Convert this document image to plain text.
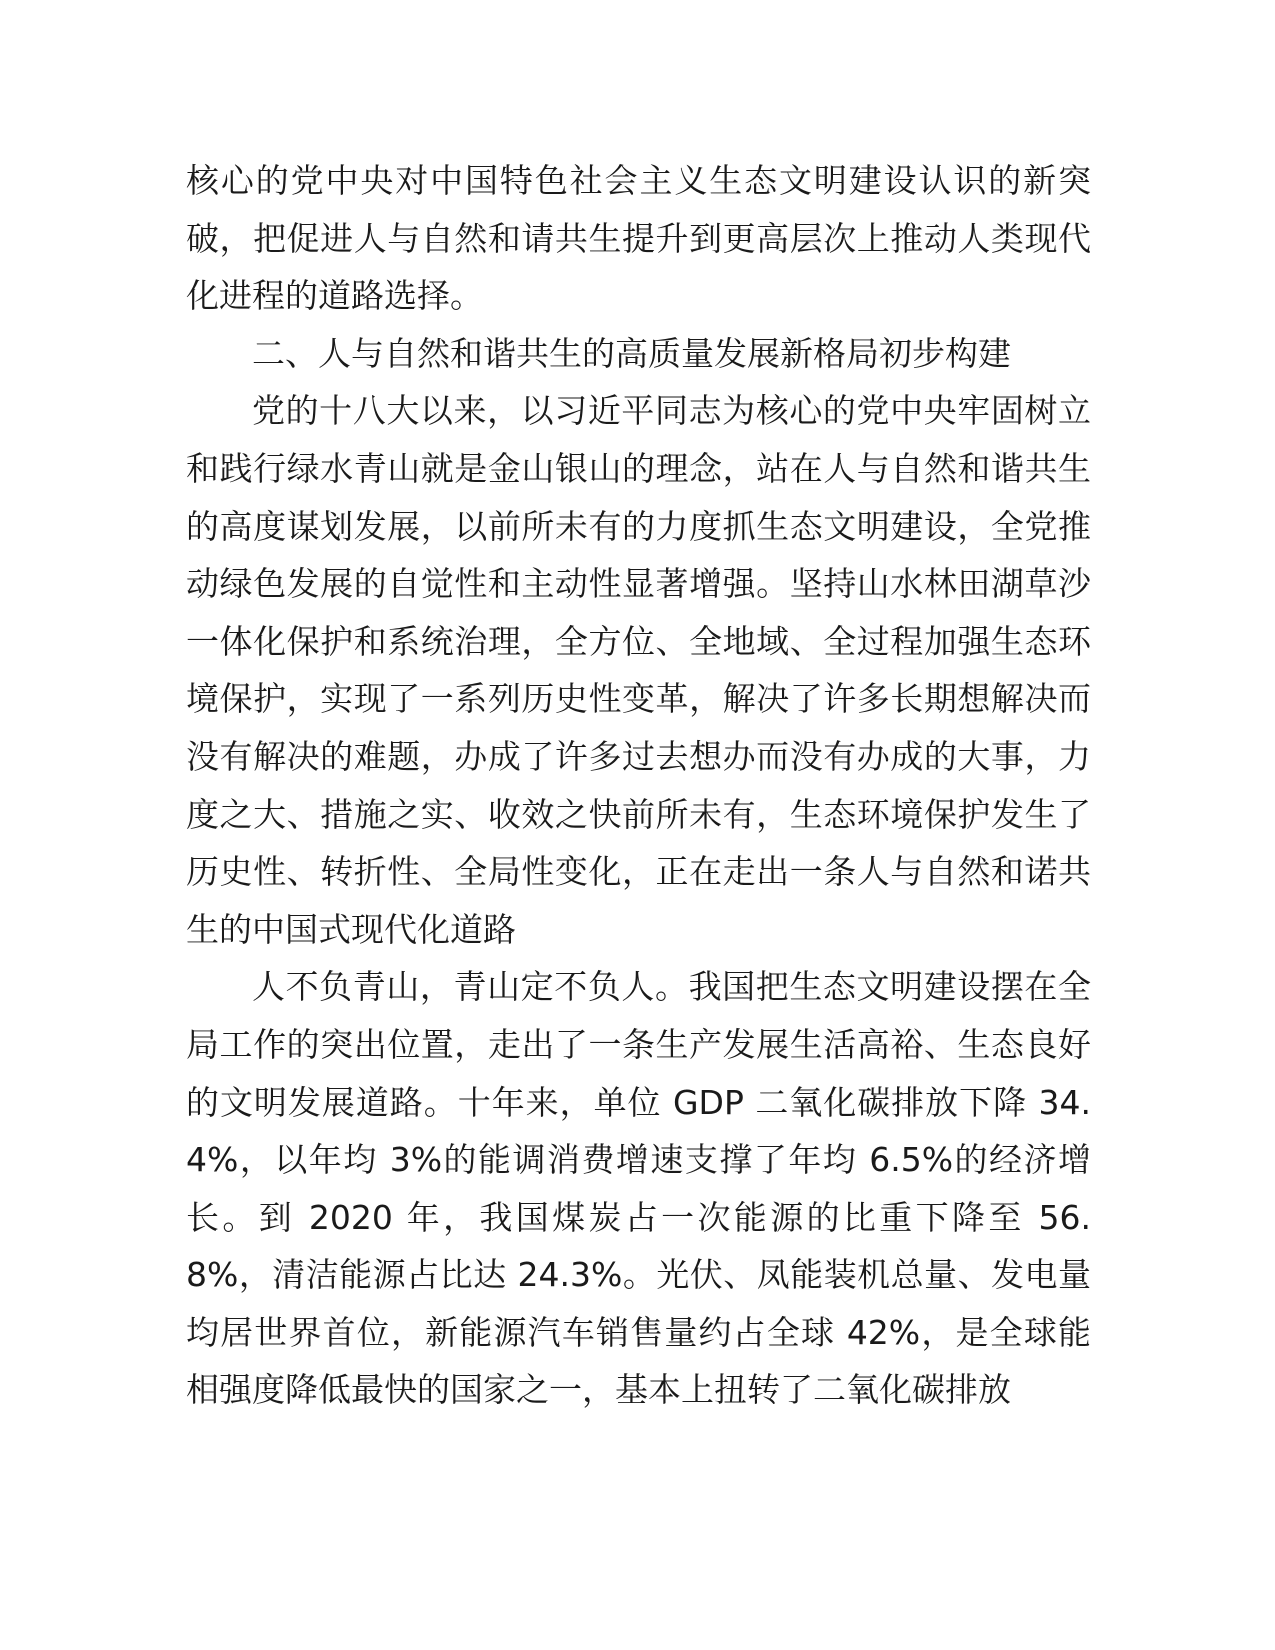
核心的党中央对中国特色社会主义生态文明建设认识的新突破，把促进人与自然和请共生提升到更高层次上推动人类现代化进程的道路选择。

二、人与自然和谐共生的高质量发展新格局初步构建

党的十八大以来，以习近平同志为核心的党中央牢固树立和践行绿水青山就是金山银山的理念，站在人与自然和谐共生的高度谋划发展，以前所未有的力度抓生态文明建设，全党推动绿色发展的自觉性和主动性显著增强。坚持山水林田湖草沙一体化保护和系统治理，全方位、全地域、全过程加强生态环境保护，实现了一系列历史性变革，解决了许多长期想解决而没有解决的难题，办成了许多过去想办而没有办成的大事，力度之大、措施之实、收效之快前所未有，生态环境保护发生了历史性、转折性、全局性变化，正在走出一条人与自然和诺共生的中国式现代化道路

人不负青山，青山定不负人。我国把生态文明建设摆在全局工作的突出位置，走出了一条生产发展生活高裕、生态良好的文明发展道路。十年来，单位 GDP 二氧化碳排放下降 34.4%，以年均 3%的能调消费增速支撑了年均 6.5%的经济增长。到 2020 年，我国煤炭占一次能源的比重下降至 56.8%，清洁能源占比达 24.3%。光伏、凤能装机总量、发电量均居世界首位，新能源汽车销售量约占全球 42%，是全球能相强度降低最快的国家之一，基本上扭转了二氧化碳排放
